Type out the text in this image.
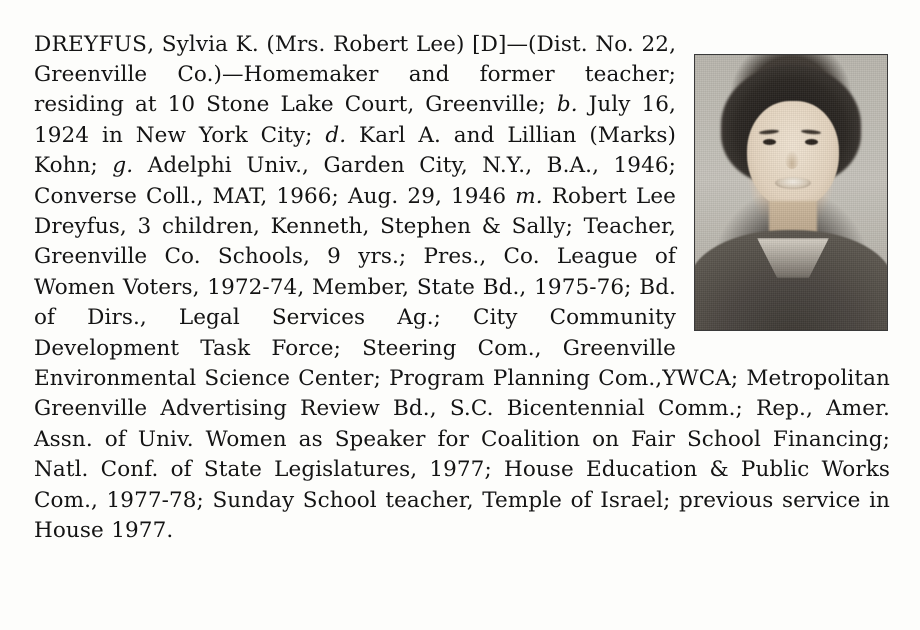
DREYFUS, Sylvia K. (Mrs. Robert Lee) [D]—(Dist. No. 22, Greenville Co.)—Homemaker and former teacher; residing at 10 Stone Lake Court, Greenville; b. July 16, 1924 in New York City; d. Karl A. and Lillian (Marks) Kohn; g. Adelphi Univ., Garden City, N.Y., B.A., 1946; Converse Coll., MAT, 1966; Aug. 29, 1946 m. Robert Lee Dreyfus, 3 children, Kenneth, Stephen & Sally; Teacher, Greenville Co. Schools, 9 yrs.; Pres., Co. League of Women Voters, 1972-74, Member, State Bd., 1975-76; Bd. of Dirs., Legal Services Ag.; City Community Development Task Force; Steering Com., Greenville Environmental Science Center; Program Planning Com.,YWCA; Metropolitan Greenville Advertising Review Bd., S.C. Bicentennial Comm.; Rep., Amer. Assn. of Univ. Women as Speaker for Coalition on Fair School Financing; Natl. Conf. of State Legislatures, 1977; House Education & Public Works Com., 1977-78; Sunday School teacher, Temple of Israel; previous service in House 1977.
